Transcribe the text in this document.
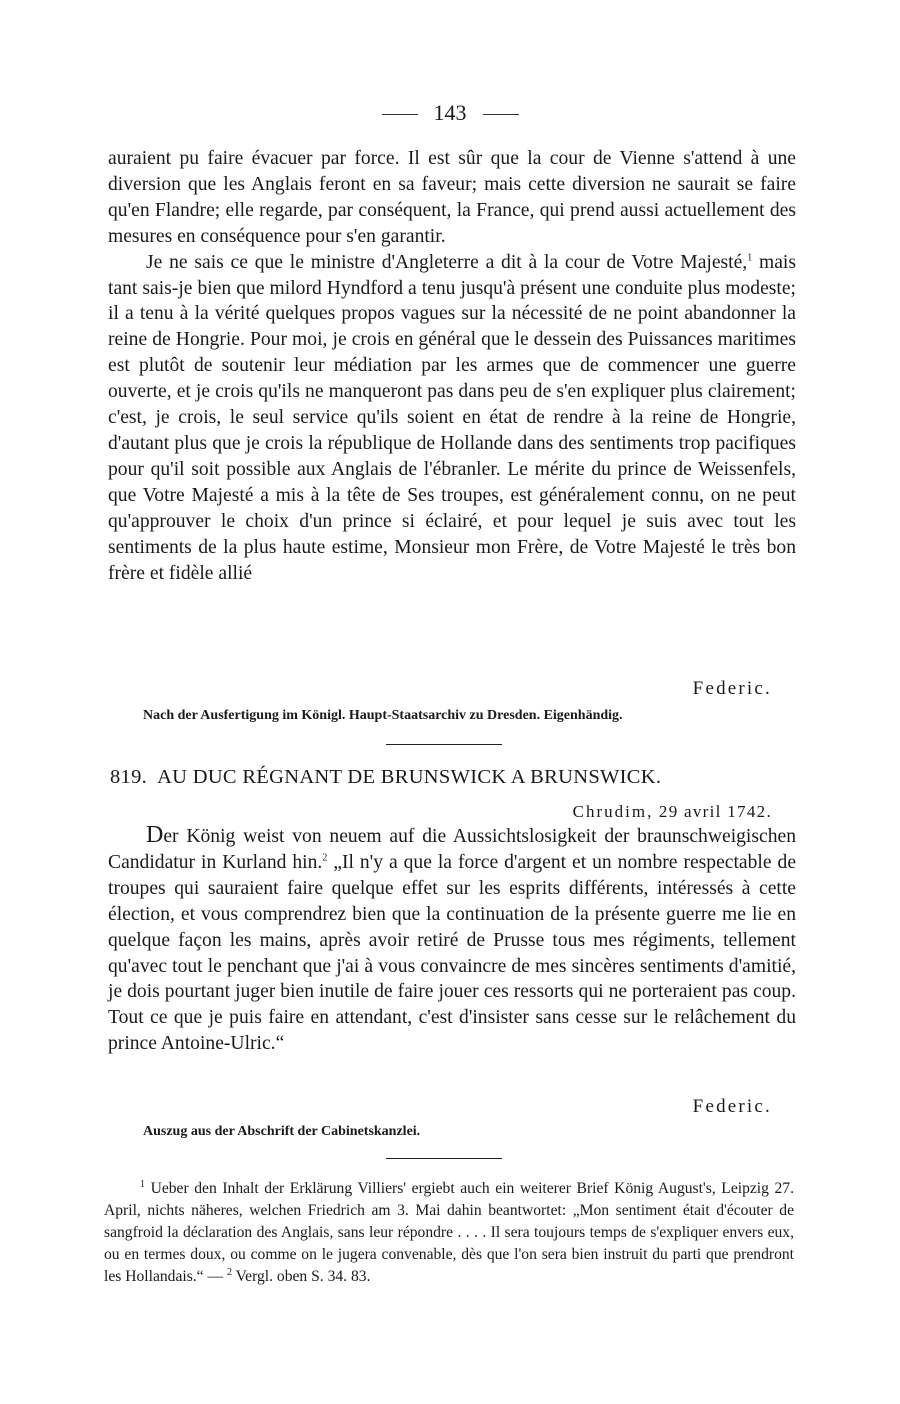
143

auraient pu faire évacuer par force. Il est sûr que la cour de Vienne s'attend à une diversion que les Anglais feront en sa faveur; mais cette diversion ne saurait se faire qu'en Flandre; elle regarde, par conséquent, la France, qui prend aussi actuellement des mesures en conséquence pour s'en garantir.

Je ne sais ce que le ministre d'Angleterre a dit à la cour de Votre Majesté,$^1$ mais tant sais-je bien que milord Hyndford a tenu jusqu'à présent une conduite plus modeste; il a tenu à la vérité quelques propos vagues sur la nécessité de ne point abandonner la reine de Hongrie. Pour moi, je crois en général que le dessein des Puissances maritimes est plutôt de soutenir leur médiation par les armes que de commencer une guerre ouverte, et je crois qu'ils ne manqueront pas dans peu de s'en expliquer plus clairement; c'est, je crois, le seul service qu'ils soient en état de rendre à la reine de Hongrie, d'autant plus que je crois la république de Hollande dans des sentiments trop pacifiques pour qu'il soit possible aux Anglais de l'ébranler. Le mérite du prince de Weissenfels, que Votre Majesté a mis à la tête de Ses troupes, est généralement connu, on ne peut qu'approuver le choix d'un prince si éclairé, et pour lequel je suis avec tout les sentiments de la plus haute estime, Monsieur mon Frère, de Votre Majesté le très bon frère et fidèle allié

Federic.
Nach der Ausfertigung im Königl. Haupt-Staatsarchiv zu Dresden. Eigenhändig.
819. AU DUC RÉGNANT DE BRUNSWICK A BRUNSWICK.
Chrudim, 29 avril 1742.

Der König weist von neuem auf die Aussichtslosigkeit der braunschweigischen Candidatur in Kurland hin.$^2$ „Il n'y a que la force d'argent et un nombre respectable de troupes qui sauraient faire quelque effet sur les esprits différents, intéressés à cette élection, et vous comprendrez bien que la continuation de la présente guerre me lie en quelque façon les mains, après avoir retiré de Prusse tous mes régiments, tellement qu'avec tout le penchant que j'ai à vous convaincre de mes sincères sentiments d'amitié, je dois pourtant juger bien inutile de faire jouer ces ressorts qui ne porteraient pas coup. Tout ce que je puis faire en attendant, c'est d'insister sans cesse sur le relâchement du prince Antoine-Ulric.“

Federic.
Auszug aus der Abschrift der Cabinetskanzlei.

$^1$ Ueber den Inhalt der Erklärung Villiers' ergiebt auch ein weiterer Brief König August's, Leipzig 27. April, nichts näheres, welchen Friedrich am 3. Mai dahin beantwortet: „Mon sentiment était d'écouter de sangfroid la déclaration des Anglais, sans leur répondre . . . . Il sera toujours temps de s'expliquer envers eux, ou en termes doux, ou comme on le jugera convenable, dès que l'on sera bien instruit du parti que prendront les Hollandais.“ — $^2$ Vergl. oben S. 34. 83.
